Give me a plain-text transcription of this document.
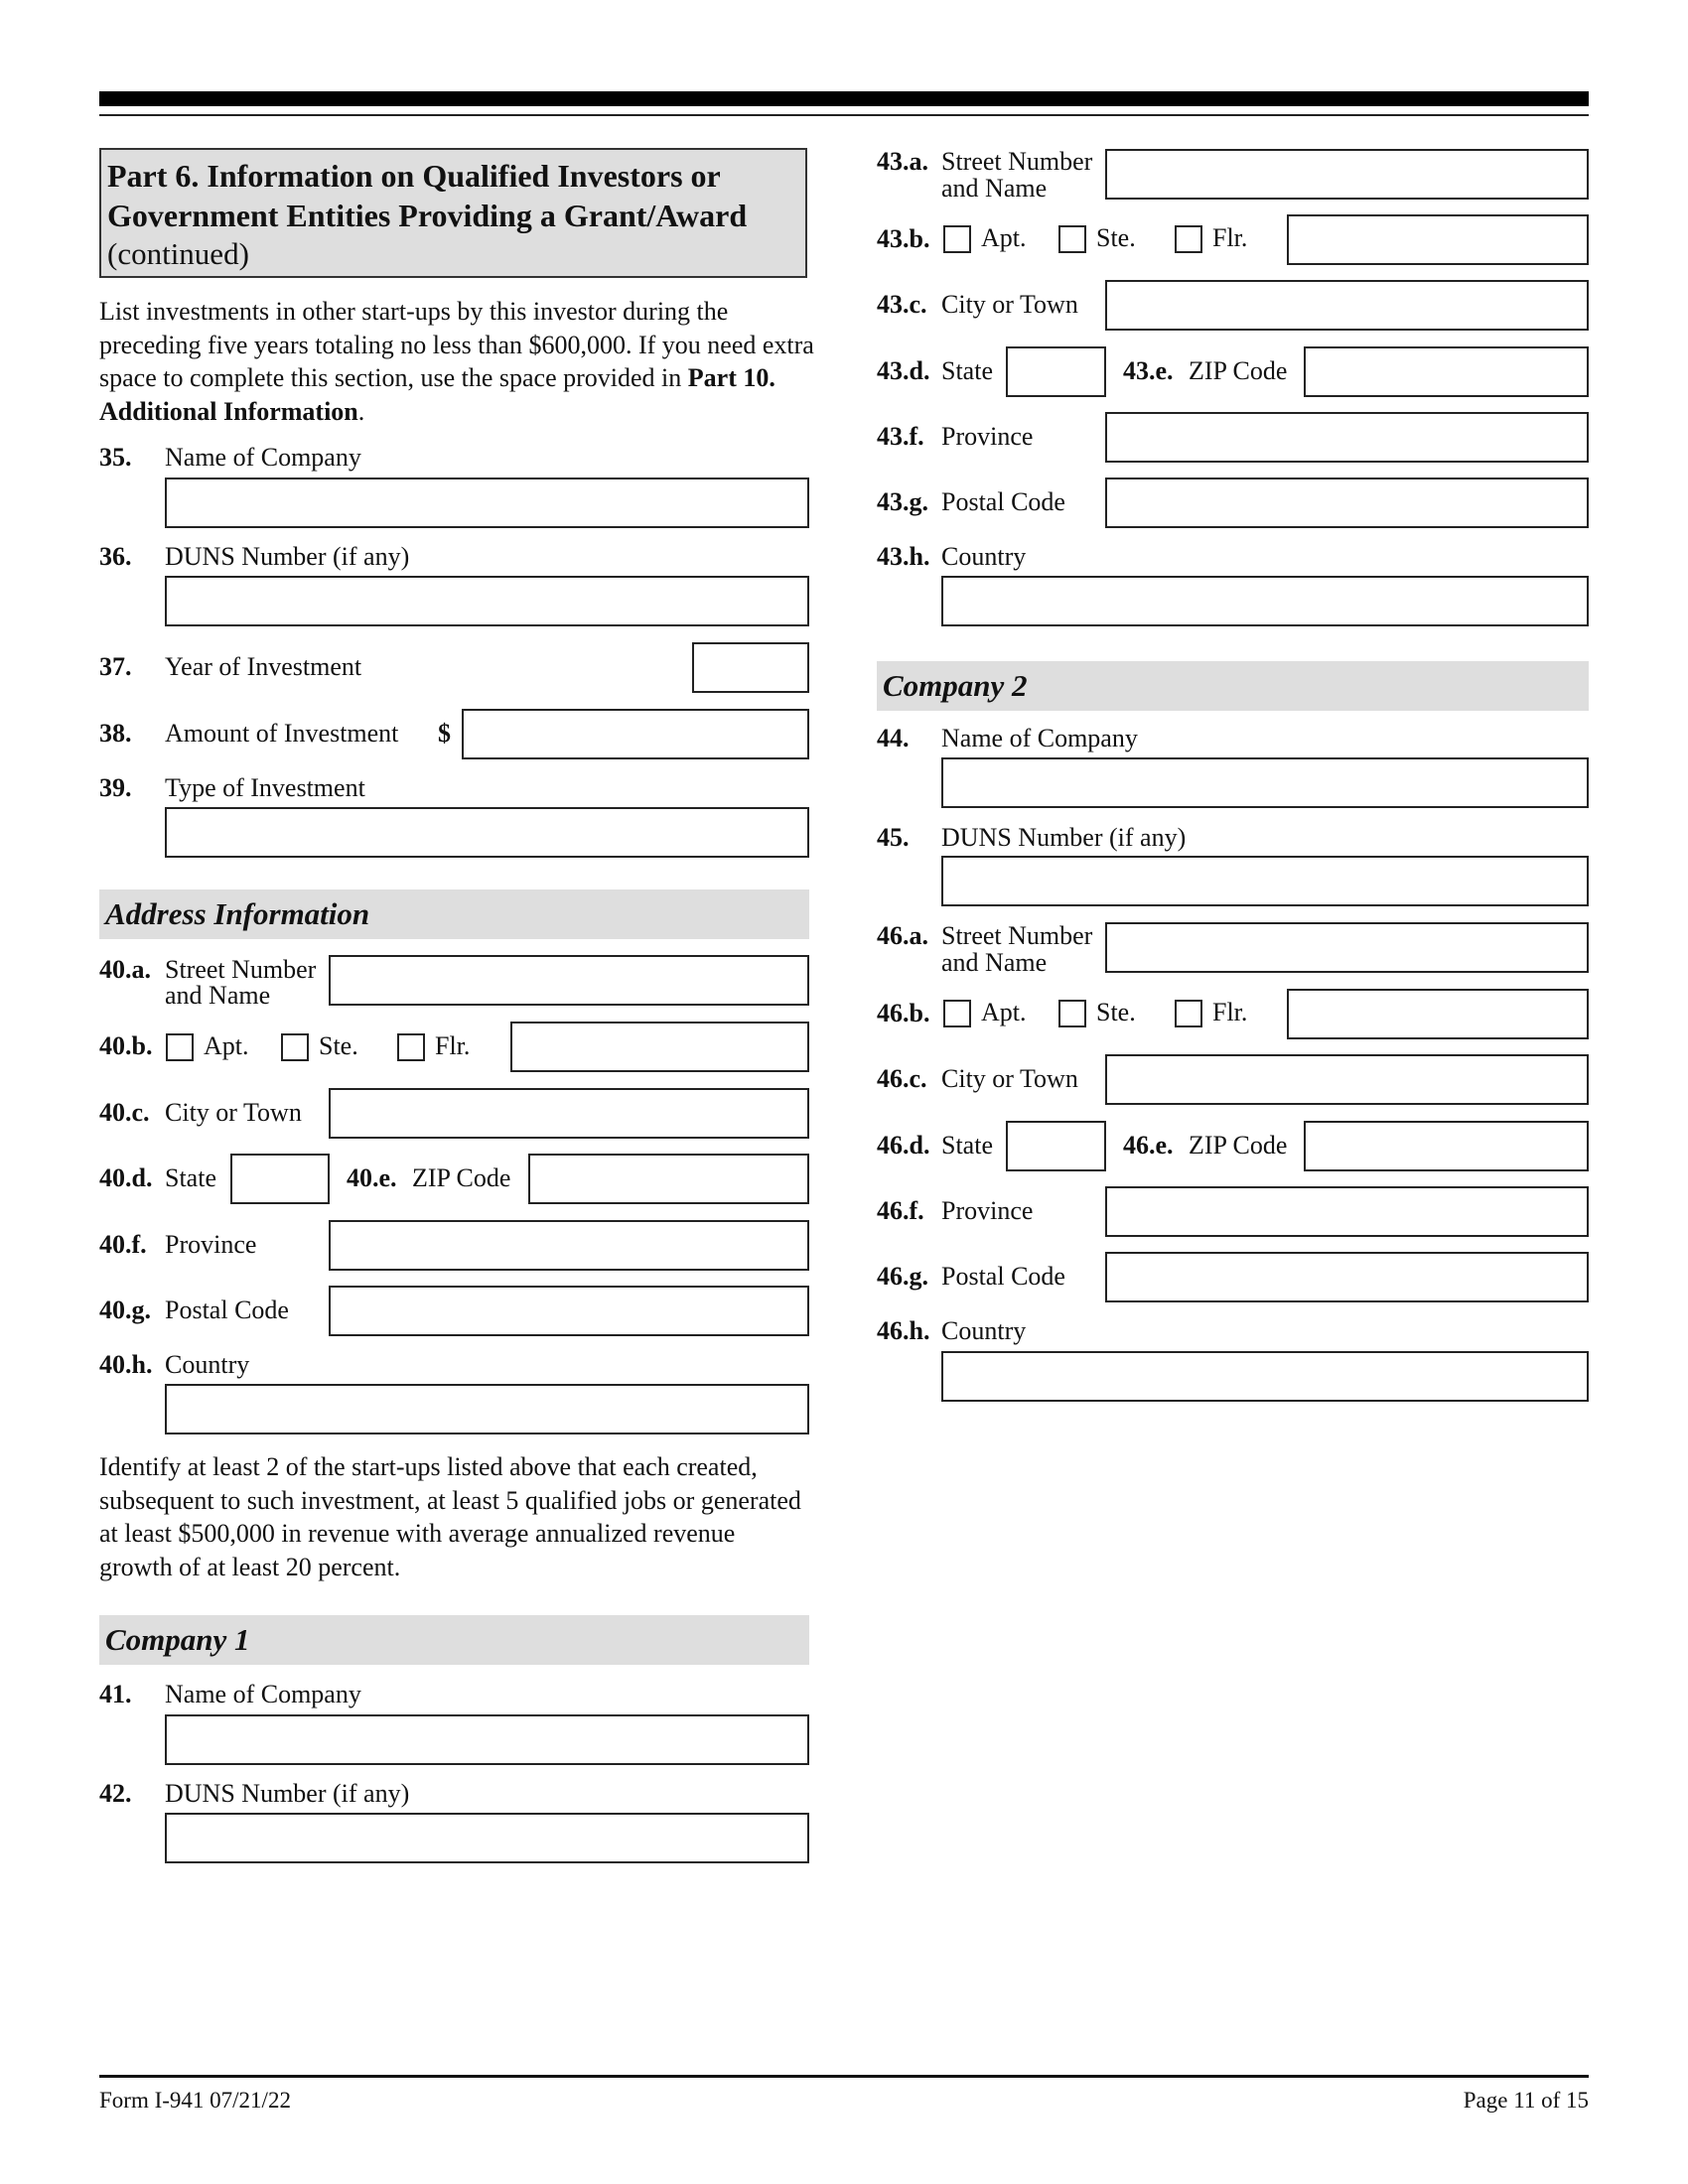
Part 6. Information on Qualified Investors or
Government Entities Providing a Grant/Award
(continued)
List investments in other start-ups by this investor during the preceding five years totaling no less than $600,000. If you need extra space to complete this section, use the space provided in Part 10. Additional Information.
35. Name of Company
36. DUNS Number (if any)
37. Year of Investment
38. Amount of Investment $
39. Type of Investment
Address Information
40.a. Street Number
and Name
40.b. Apt.	Ste.	Flr.
40.c. City or Town
40.d. State	40.e. ZIP Code
40.f. Province
40.g. Postal Code
40.h. Country
Identify at least 2 of the start-ups listed above that each created, subsequent to such investment, at least 5 qualified jobs or generated at least $500,000 in revenue with average annualized revenue growth of at least 20 percent.
Company 1
41. Name of Company
42. DUNS Number (if any)
43.a. Street Number
and Name
43.b. Apt.	Ste.	Flr.
43.c. City or Town
43.d. State	43.e. ZIP Code
43.f. Province
43.g. Postal Code
43.h. Country
Company 2
44. Name of Company
45. DUNS Number (if any)
46.a. Street Number
and Name
46.b. Apt.	Ste.	Flr.
46.c. City or Town
46.d. State	46.e. ZIP Code
46.f. Province
46.g. Postal Code
46.h. Country
Form I-941 07/21/22	Page 11 of 15
